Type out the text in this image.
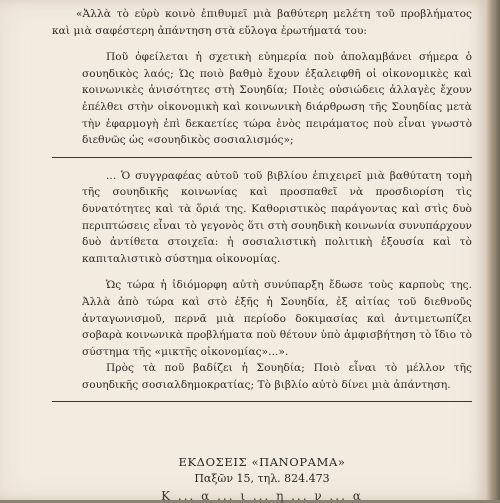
«Ἀλλὰ τὸ εὐρὺ κοινὸ ἐπιθυμεῖ μιὰ βαθύτερη μελέτη τοῦ προβλήματος καὶ μιὰ σαφέστερη ἀπάντηση στὰ εὔλογα ἐρωτήματά του:

Ποῦ ὀφείλεται ἡ σχετικὴ εὐημερία ποὺ ἀπολαμβάνει σήμερα ὁ σουηδικὸς λαός; Ὡς ποιὸ βαθμὸ ἔχουν ἐξαλειφθῆ οἱ οἰκονομικὲς καὶ κοινωνικὲς ἀνισότητες στὴ Σουηδία; Ποιὲς οὐσιώδεις ἀλλαγὲς ἔχουν ἐπέλθει στὴν οἰκονομικὴ καὶ κοινωνικὴ διάρθρωση τῆς Σουηδίας μετὰ τὴν ἐφαρμογὴ ἐπὶ δεκαετίες τώρα ἑνὸς πειράματος ποὺ εἶναι γνωστὸ διεθνῶς ὡς «σουηδικὸς σοσιαλισμός»;

... Ὁ συγγραφέας αὐτοῦ τοῦ βιβλίου ἐπιχειρεῖ μιὰ βαθύτατη τομὴ τῆς σουηδικῆς κοινωνίας καὶ προσπαθεῖ νὰ προσδιορίση τὶς δυνατότητες καὶ τὰ ὅριά της. Καθοριστικὸς παράγοντας καὶ στὶς δυὸ περιπτώσεις εἶναι τὸ γεγονὸς ὅτι στὴ σουηδικὴ κοινωνία συνυπάρχουν δυὸ ἀντίθετα στοιχεῖα: ἡ σοσιαλιστικὴ πολιτικὴ ἐξουσία καὶ τὸ καπιταλιστικὸ σύστημα οἰκονομίας.

Ὡς τώρα ἡ ἰδιόμορφη αὐτὴ συνύπαρξη ἔδωσε τοὺς καρποὺς της. Ἀλλὰ ἀπὸ τώρα καὶ στὸ ἑξῆς ἡ Σουηδία, ἐξ αἰτίας τοῦ διεθνοῦς ἀνταγωνισμοῦ, περνᾶ μιὰ περίοδο δοκιμασίας καὶ ἀντιμετωπίζει σοβαρὰ κοινωνικὰ προβλήματα ποὺ θέτουν ὑπὸ ἀμφισβήτηση τὸ ἴδιο τὸ σύστημα τῆς «μικτῆς οἰκονομίας»...».

Πρὸς τὰ ποῦ βαδίζει ἡ Σουηδία; Ποιὸ εἶναι τὸ μέλλον τῆς σουηδικῆς σοσιαλδημοκρατίας; Τὸ βιβλίο αὐτὸ δίνει μιὰ ἀπάντηση.

ΕΚΔΟΣΕΙΣ «ΠΑΝΟΡΑΜΑ»
Παξῶν 15, τηλ. 824.473
Κ ... α ... ι ... η ... ν ... α
